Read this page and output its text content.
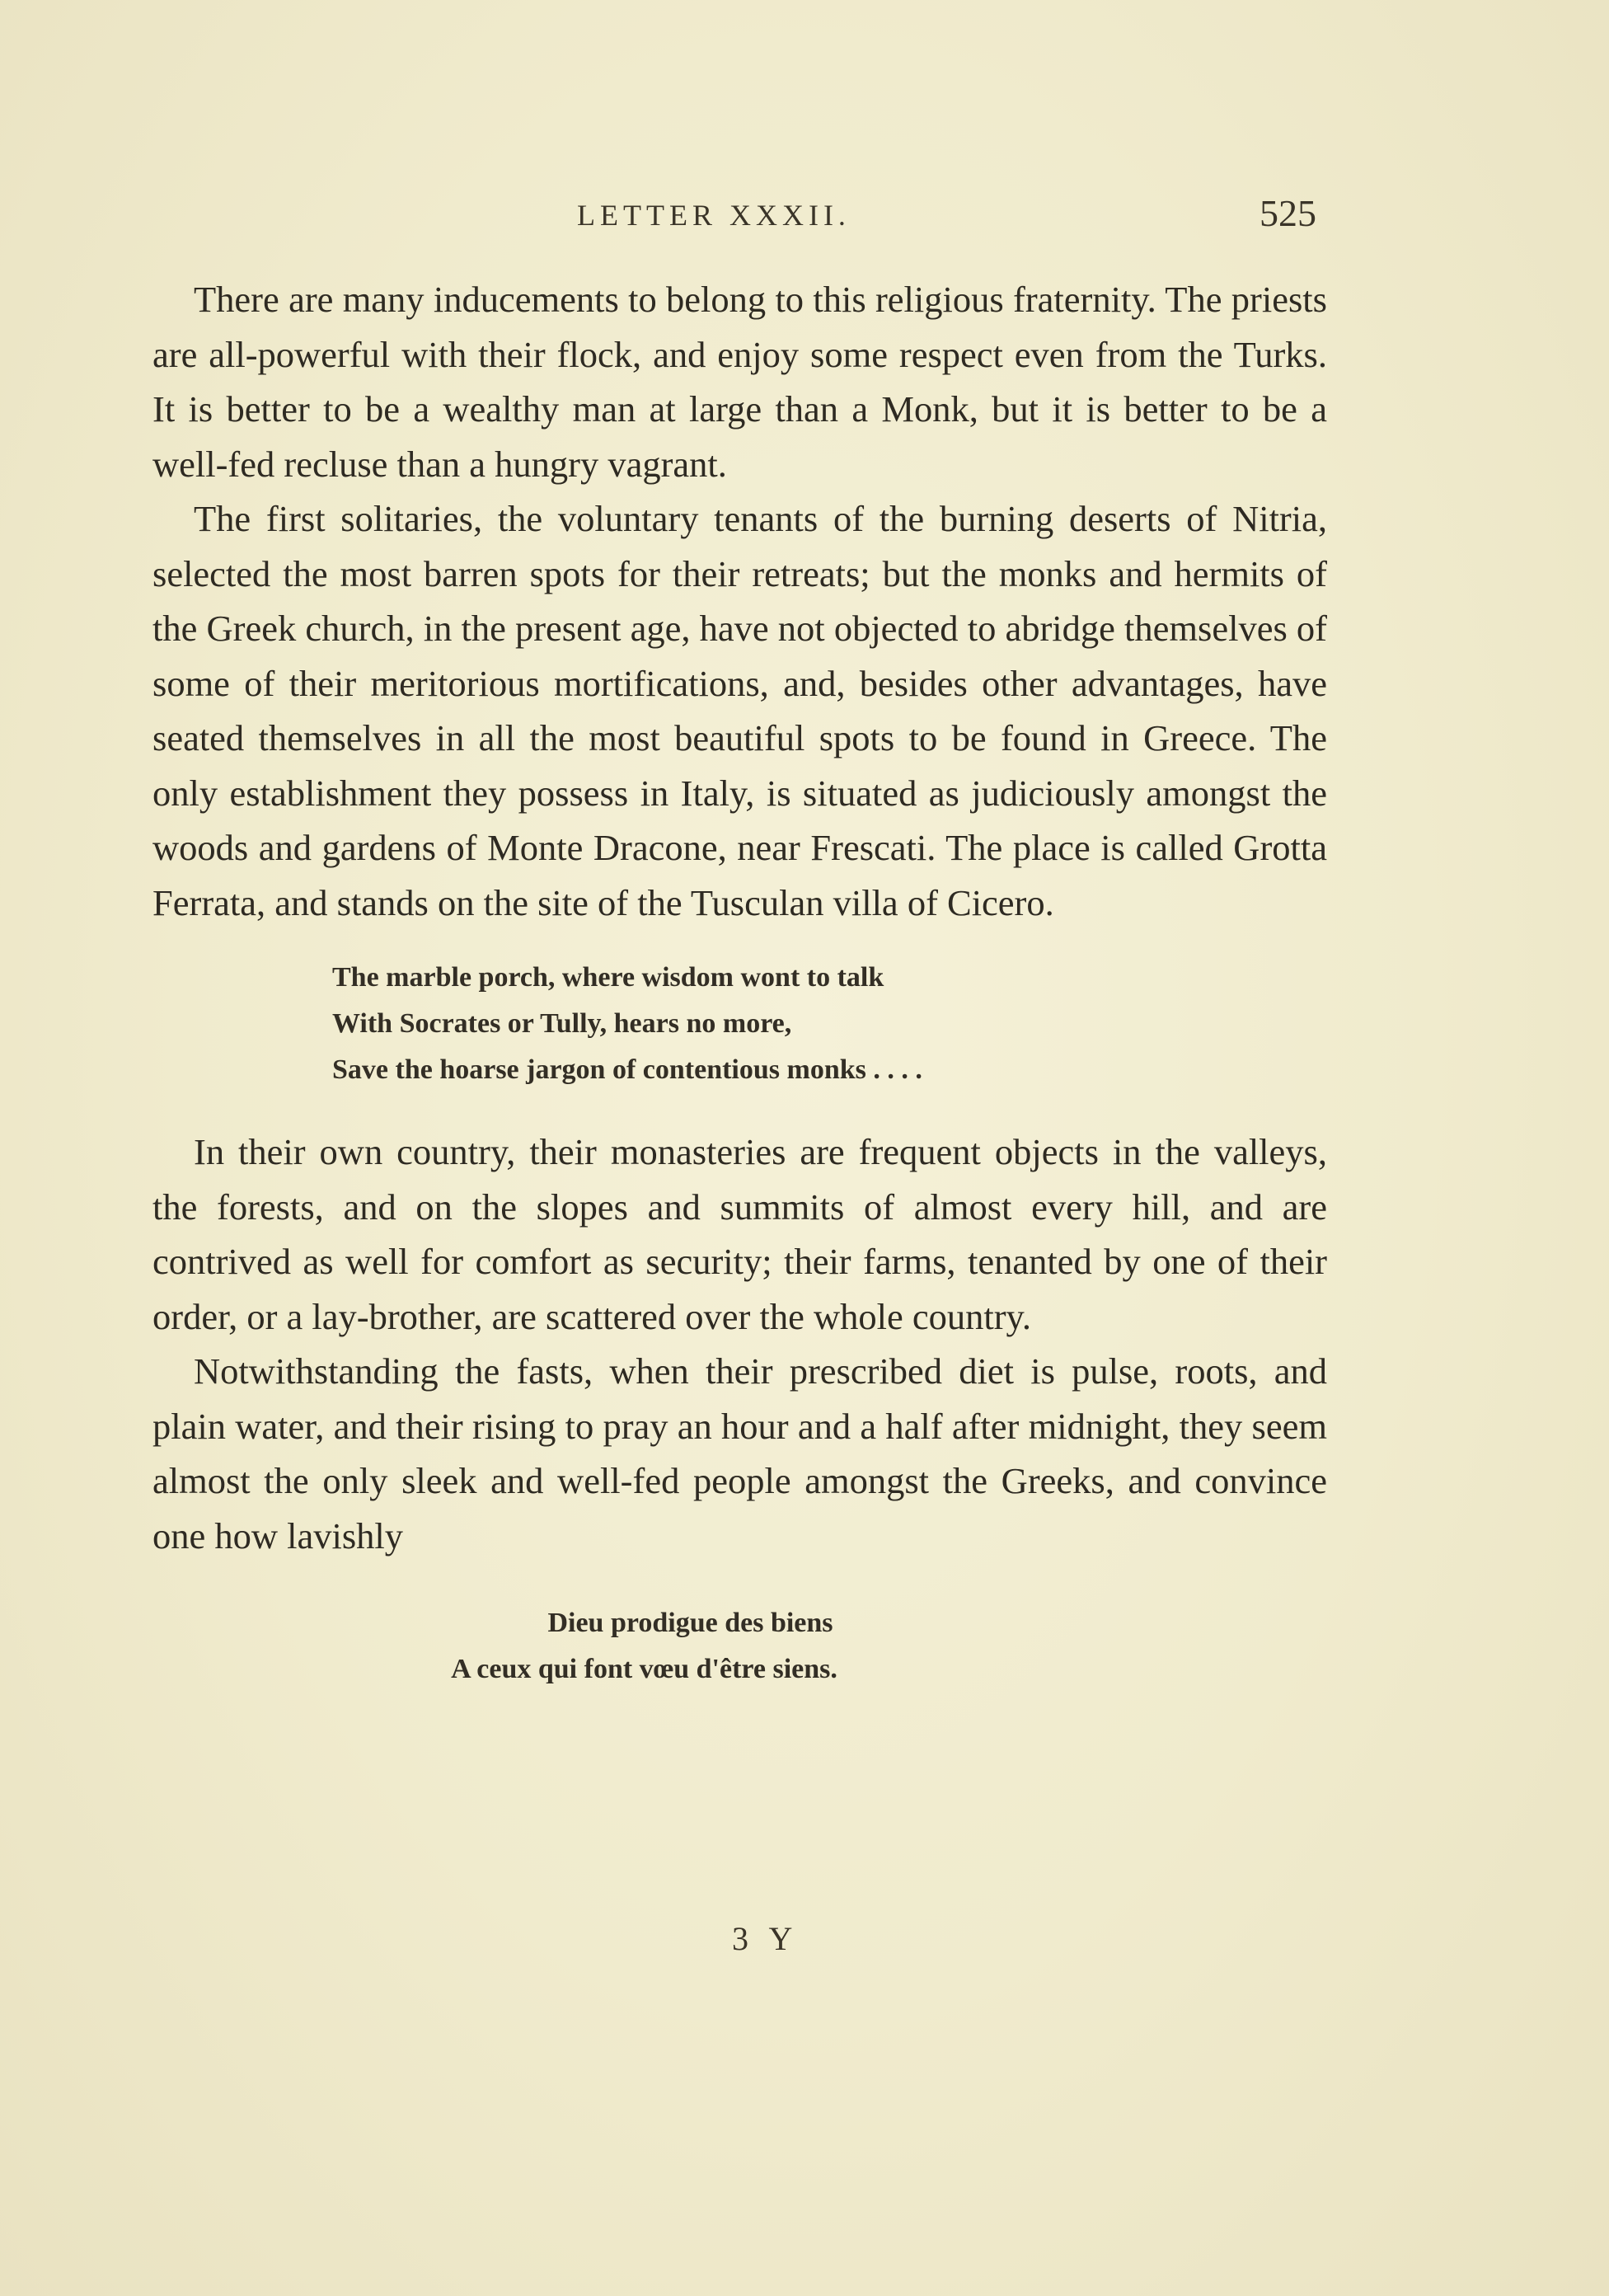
LETTER XXXII.	525

There are many inducements to belong to this religious fraternity. The priests are all-powerful with their flock, and enjoy some respect even from the Turks. It is better to be a wealthy man at large than a Monk, but it is better to be a well-fed recluse than a hungry vagrant.

The first solitaries, the voluntary tenants of the burning deserts of Nitria, selected the most barren spots for their retreats; but the monks and hermits of the Greek church, in the present age, have not objected to abridge themselves of some of their meritorious mortifications, and, besides other advantages, have seated themselves in all the most beautiful spots to be found in Greece. The only establishment they possess in Italy, is situated as judiciously amongst the woods and gardens of Monte Dracone, near Frescati. The place is called Grotta Ferrata, and stands on the site of the Tusculan villa of Cicero.

The marble porch, where wisdom wont to talk
With Socrates or Tully, hears no more,
Save the hoarse jargon of contentious monks . . . .

In their own country, their monasteries are frequent objects in the valleys, the forests, and on the slopes and summits of almost every hill, and are contrived as well for comfort as security; their farms, tenanted by one of their order, or a lay-brother, are scattered over the whole country.

Notwithstanding the fasts, when their prescribed diet is pulse, roots, and plain water, and their rising to pray an hour and a half after midnight, they seem almost the only sleek and well-fed people amongst the Greeks, and convince one how lavishly

Dieu prodigue des biens
A ceux qui font vœu d'être siens.
3 Y
